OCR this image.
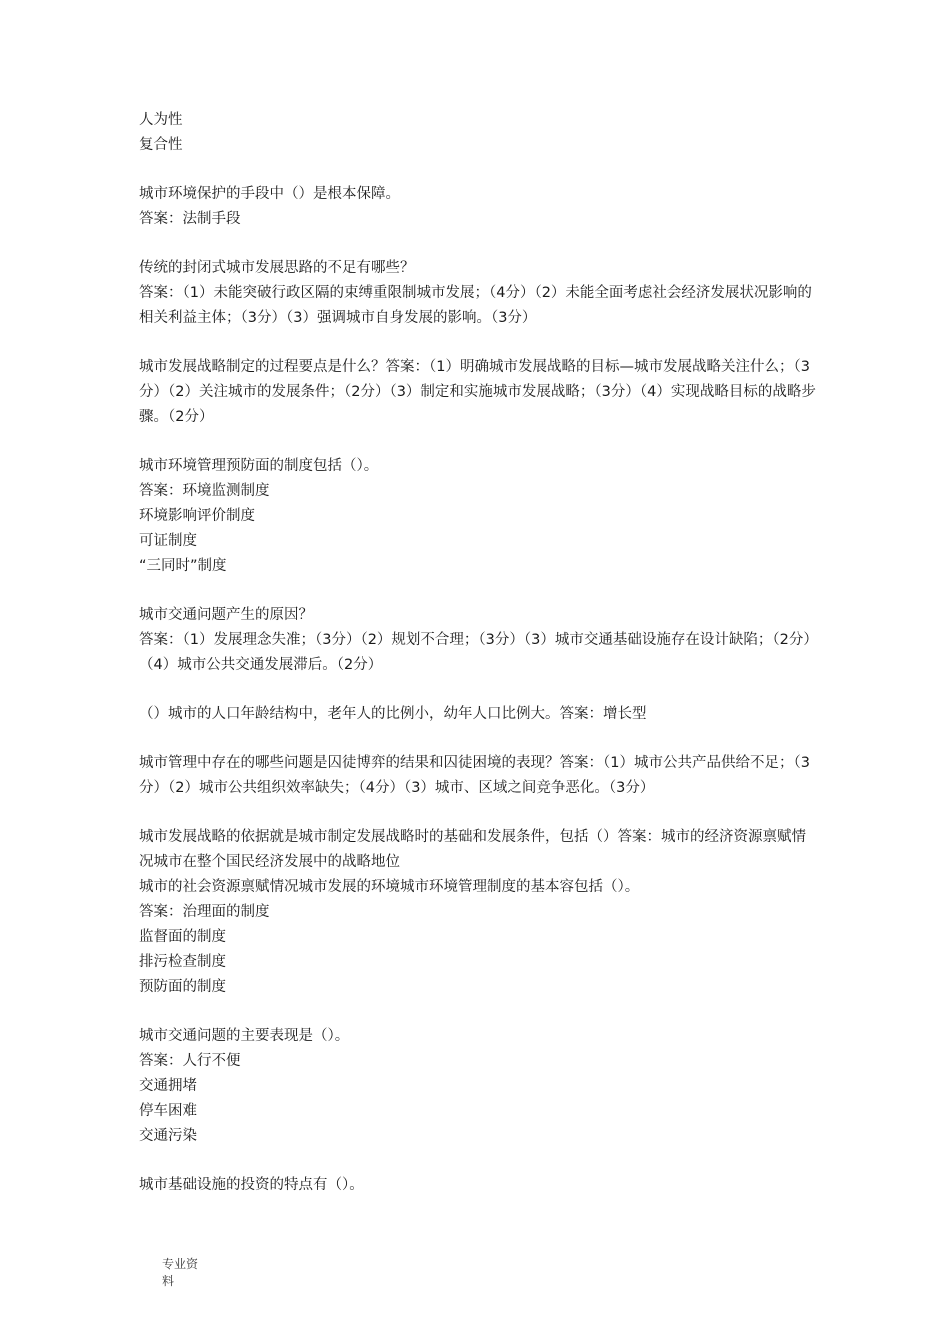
人为性
复合性
城市环境保护的手段中（）是根本保障。
答案：法制手段
传统的封闭式城市发展思路的不足有哪些？
答案：（1）未能突破行政区隔的束缚重限制城市发展；（4分）（2）未能全面考虑社会经济发展状况影响的相关利益主体；（3分）（3）强调城市自身发展的影响。（3分）
城市发展战略制定的过程要点是什么？答案：（1）明确城市发展战略的目标—城市发展战略关注什么；（3分）（2）关注城市的发展条件；（2分）（3）制定和实施城市发展战略；（3分）（4）实现战略目标的战略步骤。（2分）
城市环境管理预防面的制度包括（）。
答案：环境监测制度
环境影响评价制度
可证制度
“三同时”制度
城市交通问题产生的原因？
答案：（1）发展理念失准；（3分）（2）规划不合理；（3分）（3）城市交通基础设施存在设计缺陷；（2分）（4）城市公共交通发展滞后。（2分）
（）城市的人口年龄结构中，老年人的比例小，幼年人口比例大。答案：增长型
城市管理中存在的哪些问题是囚徒博弈的结果和囚徒困境的表现？答案：（1）城市公共产品供给不足；（3分）（2）城市公共组织效率缺失；（4分）（3）城市、区域之间竞争恶化。（3分）
城市发展战略的依据就是城市制定发展战略时的基础和发展条件，包括（）答案：城市的经济资源禀赋情况城市在整个国民经济发展中的战略地位
城市的社会资源禀赋情况城市发展的环境城市环境管理制度的基本容包括（）。
答案：治理面的制度
监督面的制度
排污检查制度
预防面的制度
城市交通问题的主要表现是（）。
答案：人行不便
交通拥堵
停车困难
交通污染
城市基础设施的投资的特点有（）。
专业资
料
